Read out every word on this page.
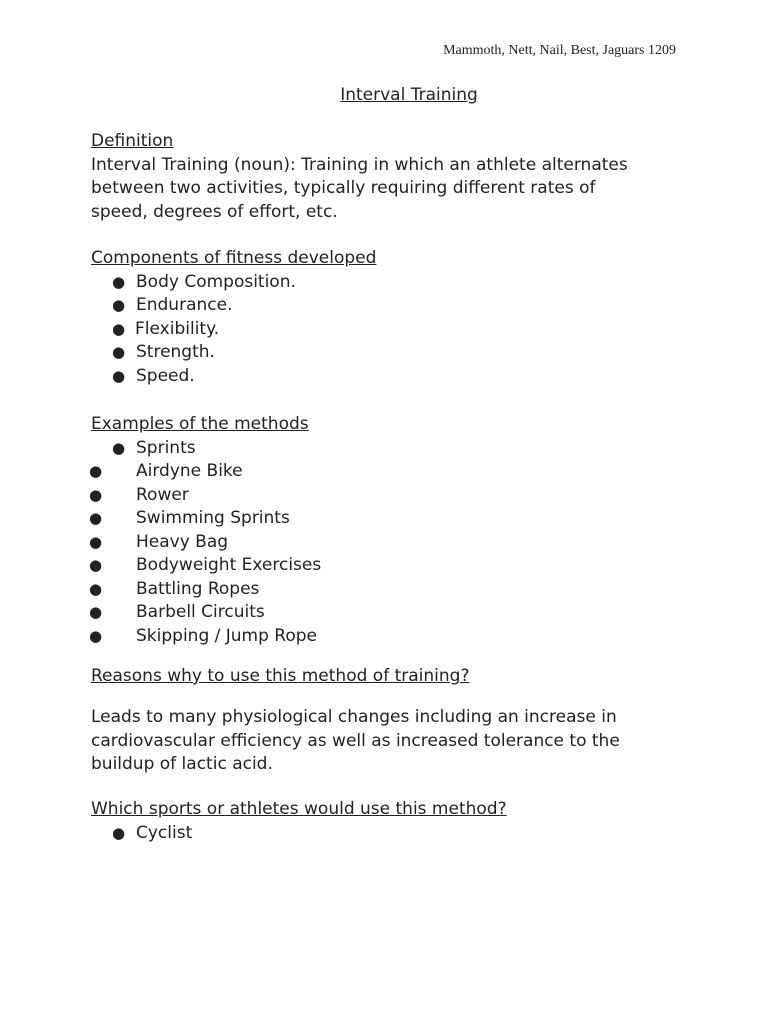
Mammoth, Nett, Nail, Best, Jaguars 1209
Interval Training
Definition
Interval Training (noun): Training in which an athlete alternates
between two activities, typically requiring different rates of
speed, degrees of effort, etc.
Components of fitness developed
● Body Composition.
● Endurance.
● Flexibility.
● Strength.
● Speed.
Examples of the methods
● Sprints
● Airdyne Bike
● Rower
● Swimming Sprints
● Heavy Bag
● Bodyweight Exercises
● Battling Ropes
● Barbell Circuits
● Skipping / Jump Rope
Reasons why to use this method of training?
Leads to many physiological changes including an increase in
cardiovascular efficiency as well as increased tolerance to the
buildup of lactic acid.
Which sports or athletes would use this method?
● Cyclist
